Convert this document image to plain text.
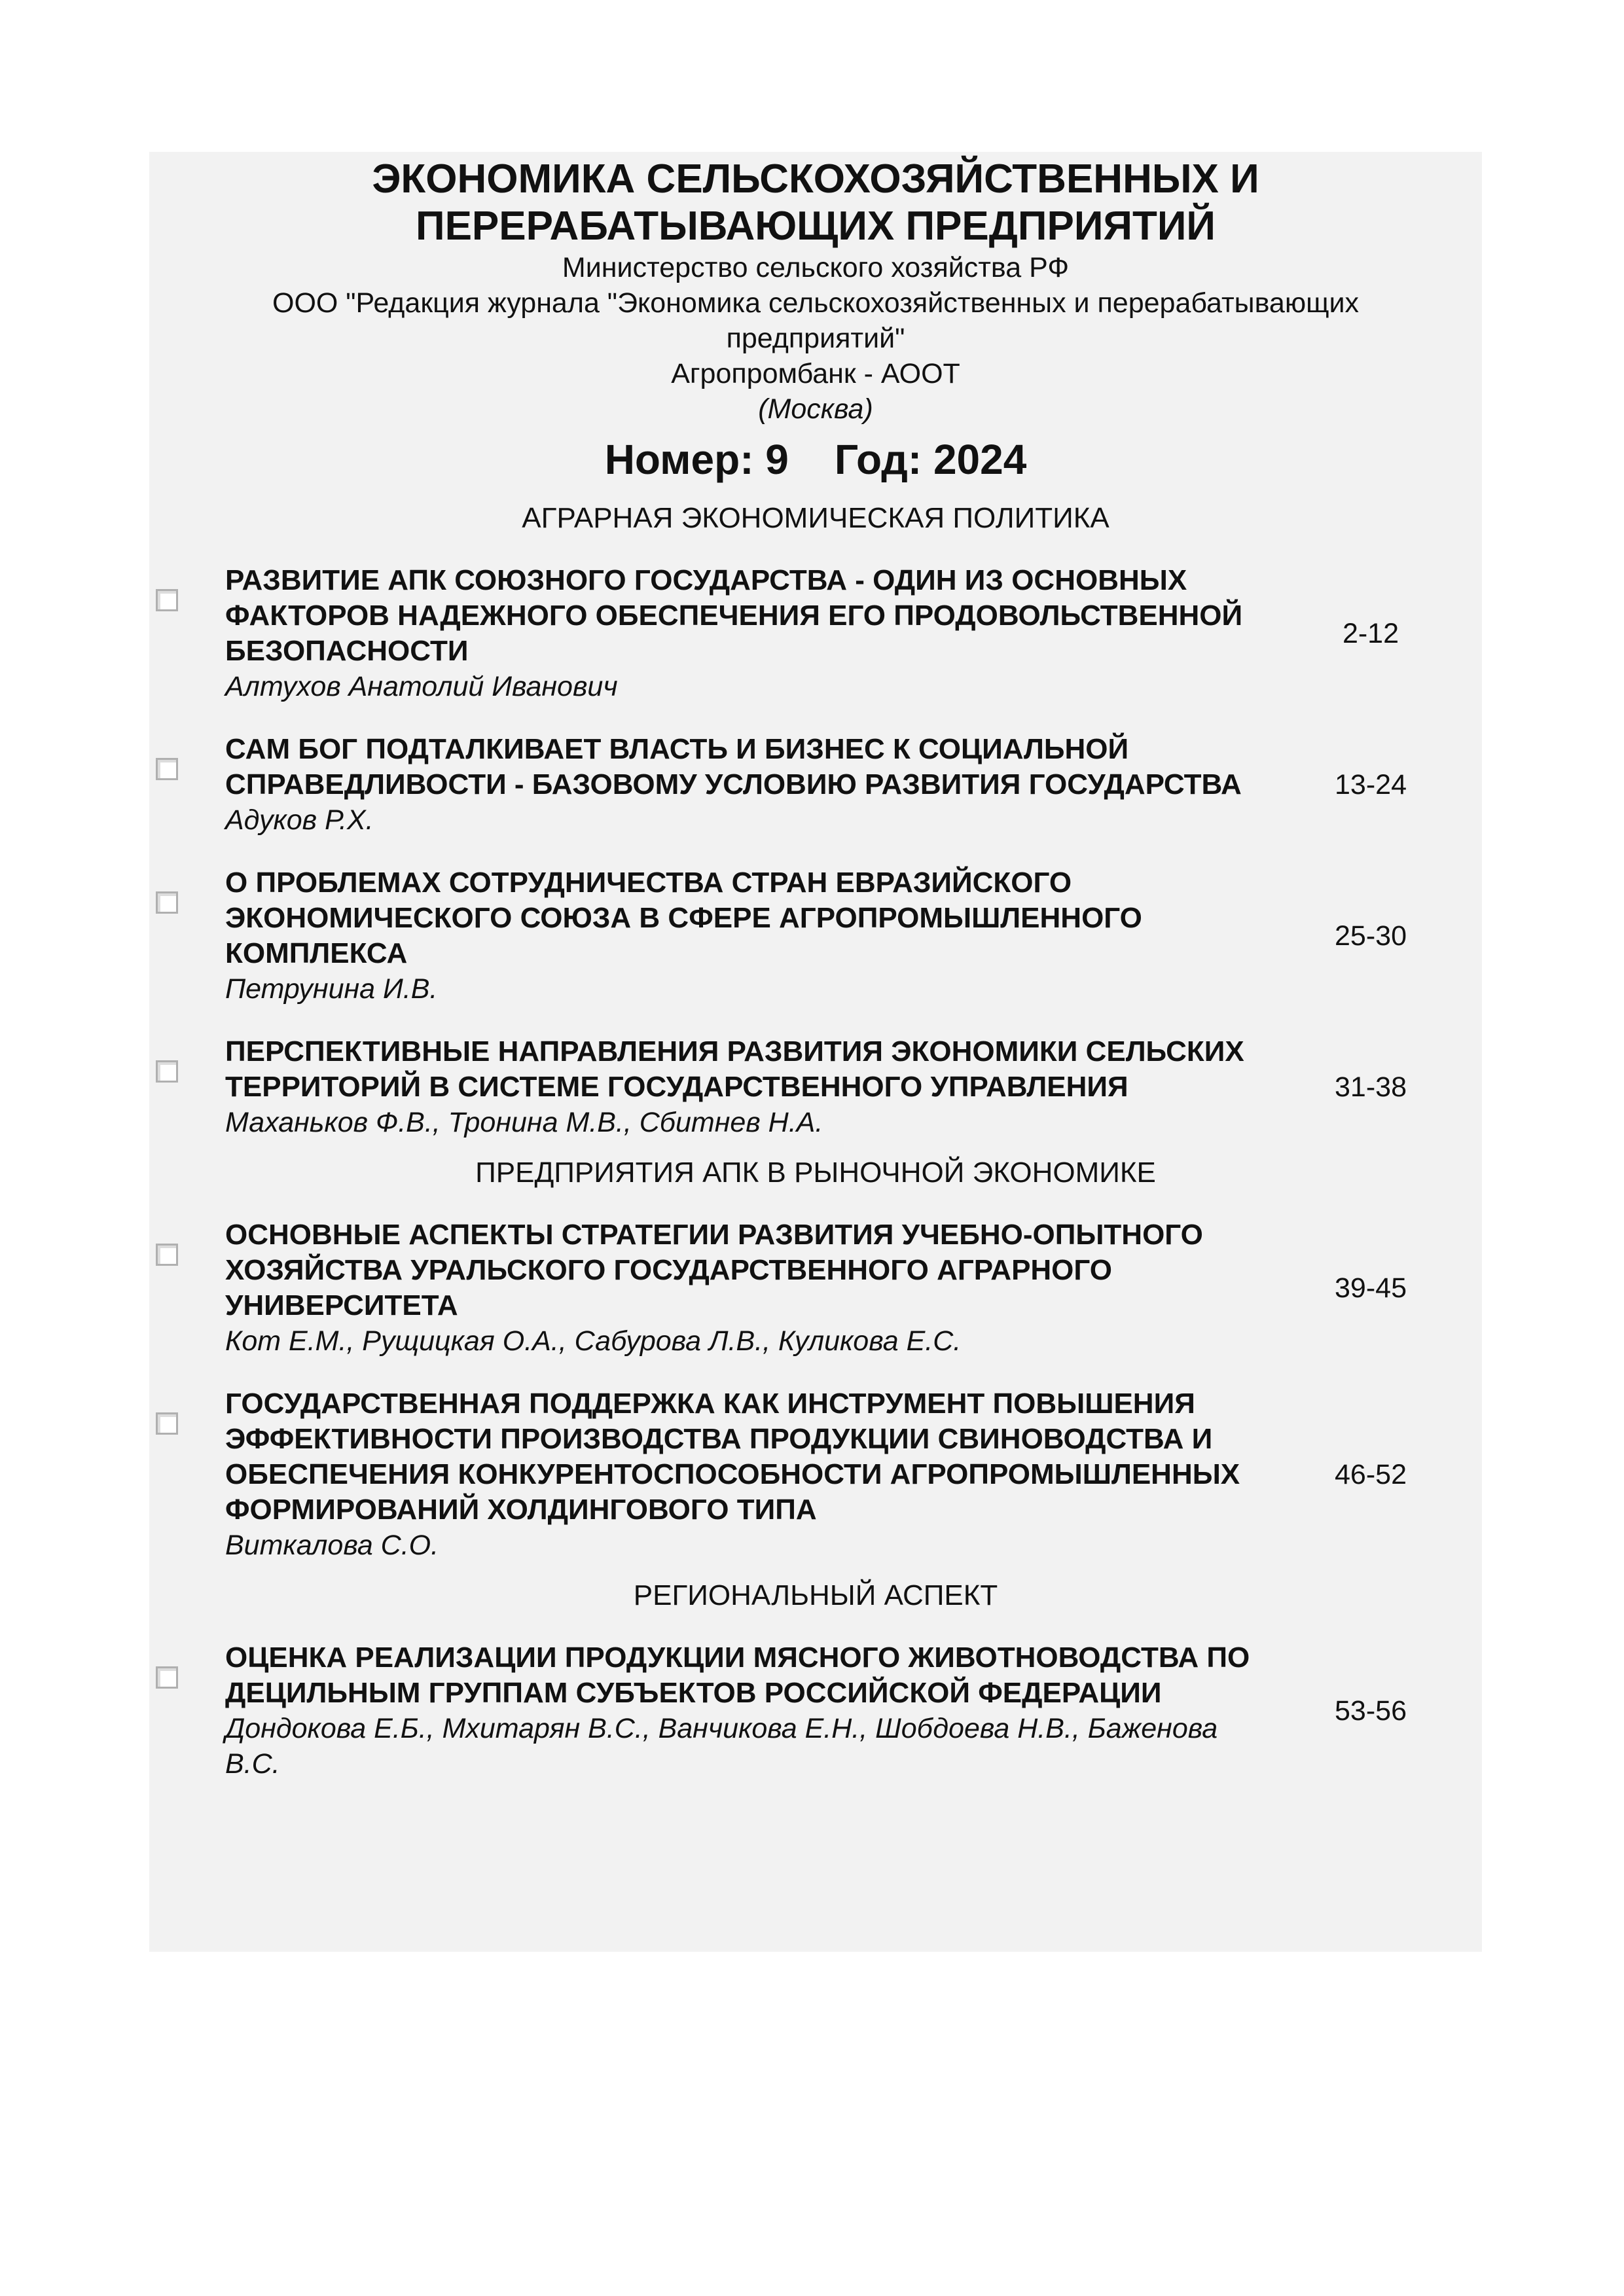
ЭКОНОМИКА СЕЛЬСКОХОЗЯЙСТВЕННЫХ И ПЕРЕРАБАТЫВАЮЩИХ ПРЕДПРИЯТИЙ
Министерство сельского хозяйства РФ
ООО "Редакция журнала "Экономика сельскохозяйственных и перерабатывающих предприятий"
Агропромбанк - АООТ
(Москва)
Номер: 9 Год: 2024
АГРАРНАЯ ЭКОНОМИЧЕСКАЯ ПОЛИТИКА
РАЗВИТИЕ АПК СОЮЗНОГО ГОСУДАРСТВА - ОДИН ИЗ ОСНОВНЫХ ФАКТОРОВ НАДЕЖНОГО ОБЕСПЕЧЕНИЯ ЕГО ПРОДОВОЛЬСТВЕННОЙ БЕЗОПАСНОСТИ
Алтухов Анатолий Иванович
2-12
САМ БОГ ПОДТАЛКИВАЕТ ВЛАСТЬ И БИЗНЕС К СОЦИАЛЬНОЙ СПРАВЕДЛИВОСТИ - БАЗОВОМУ УСЛОВИЮ РАЗВИТИЯ ГОСУДАРСТВА
Адуков Р.Х.
13-24
О ПРОБЛЕМАХ СОТРУДНИЧЕСТВА СТРАН ЕВРАЗИЙСКОГО ЭКОНОМИЧЕСКОГО СОЮЗА В СФЕРЕ АГРОПРОМЫШЛЕННОГО КОМПЛЕКСА
Петрунина И.В.
25-30
ПЕРСПЕКТИВНЫЕ НАПРАВЛЕНИЯ РАЗВИТИЯ ЭКОНОМИКИ СЕЛЬСКИХ ТЕРРИТОРИЙ В СИСТЕМЕ ГОСУДАРСТВЕННОГО УПРАВЛЕНИЯ
Маханьков Ф.В., Тронина М.В., Сбитнев Н.А.
31-38
ПРЕДПРИЯТИЯ АПК В РЫНОЧНОЙ ЭКОНОМИКЕ
ОСНОВНЫЕ АСПЕКТЫ СТРАТЕГИИ РАЗВИТИЯ УЧЕБНО-ОПЫТНОГО ХОЗЯЙСТВА УРАЛЬСКОГО ГОСУДАРСТВЕННОГО АГРАРНОГО УНИВЕРСИТЕТА
Кот Е.М., Рущицкая О.А., Сабурова Л.В., Куликова Е.С.
39-45
ГОСУДАРСТВЕННАЯ ПОДДЕРЖКА КАК ИНСТРУМЕНТ ПОВЫШЕНИЯ ЭФФЕКТИВНОСТИ ПРОИЗВОДСТВА ПРОДУКЦИИ СВИНОВОДСТВА И ОБЕСПЕЧЕНИЯ КОНКУРЕНТОСПОСОБНОСТИ АГРОПРОМЫШЛЕННЫХ ФОРМИРОВАНИЙ ХОЛДИНГОВОГО ТИПА
Виткалова С.О.
46-52
РЕГИОНАЛЬНЫЙ АСПЕКТ
ОЦЕНКА РЕАЛИЗАЦИИ ПРОДУКЦИИ МЯСНОГО ЖИВОТНОВОДСТВА ПО ДЕЦИЛЬНЫМ ГРУППАМ СУБЪЕКТОВ РОССИЙСКОЙ ФЕДЕРАЦИИ
Дондокова Е.Б., Мхитарян В.С., Ванчикова Е.Н., Шобдоева Н.В., Баженова В.С.
53-56
